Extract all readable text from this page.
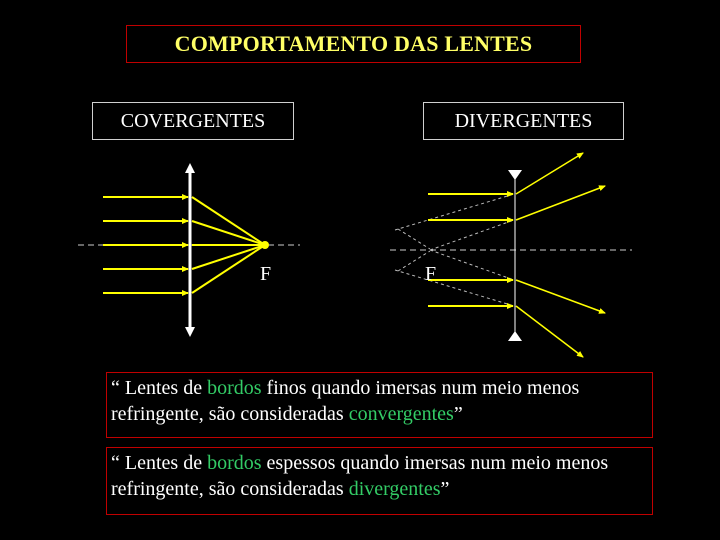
COMPORTAMENTO DAS LENTES
COVERGENTES	DIVERGENTES
F	F
“ Lentes de bordos finos quando imersas num meio menos refringente, são consideradas convergentes”
“ Lentes de bordos espessos quando imersas num meio menos refringente, são consideradas divergentes”
